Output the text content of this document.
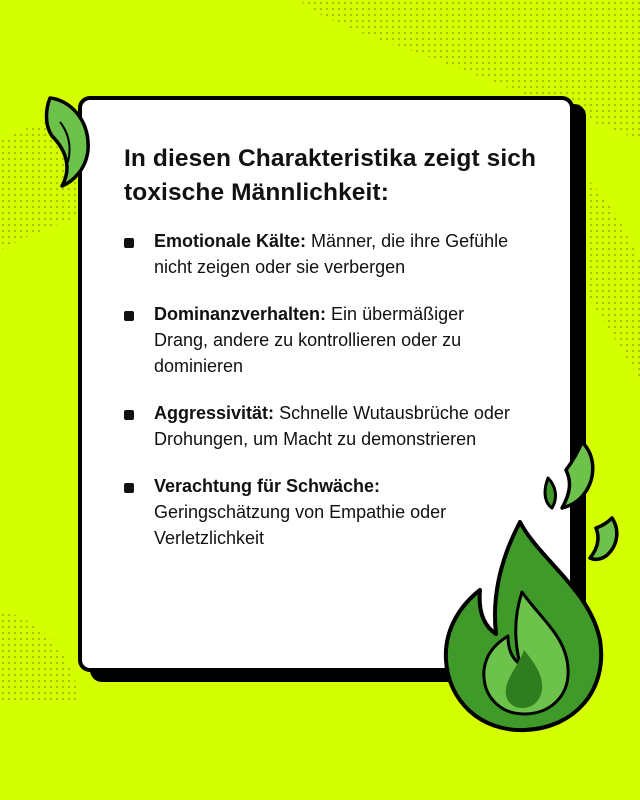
In diesen Charakteristika zeigt sich toxische Männlichkeit:
Emotionale Kälte: Männer, die ihre Gefühle nicht zeigen oder sie verbergen
Dominanzverhalten: Ein übermäßiger Drang, andere zu kontrollieren oder zu dominieren
Aggressivität: Schnelle Wutausbrüche oder Drohungen, um Macht zu demonstrieren
Verachtung für Schwäche: Geringschätzung von Empathie oder Verletzlichkeit
